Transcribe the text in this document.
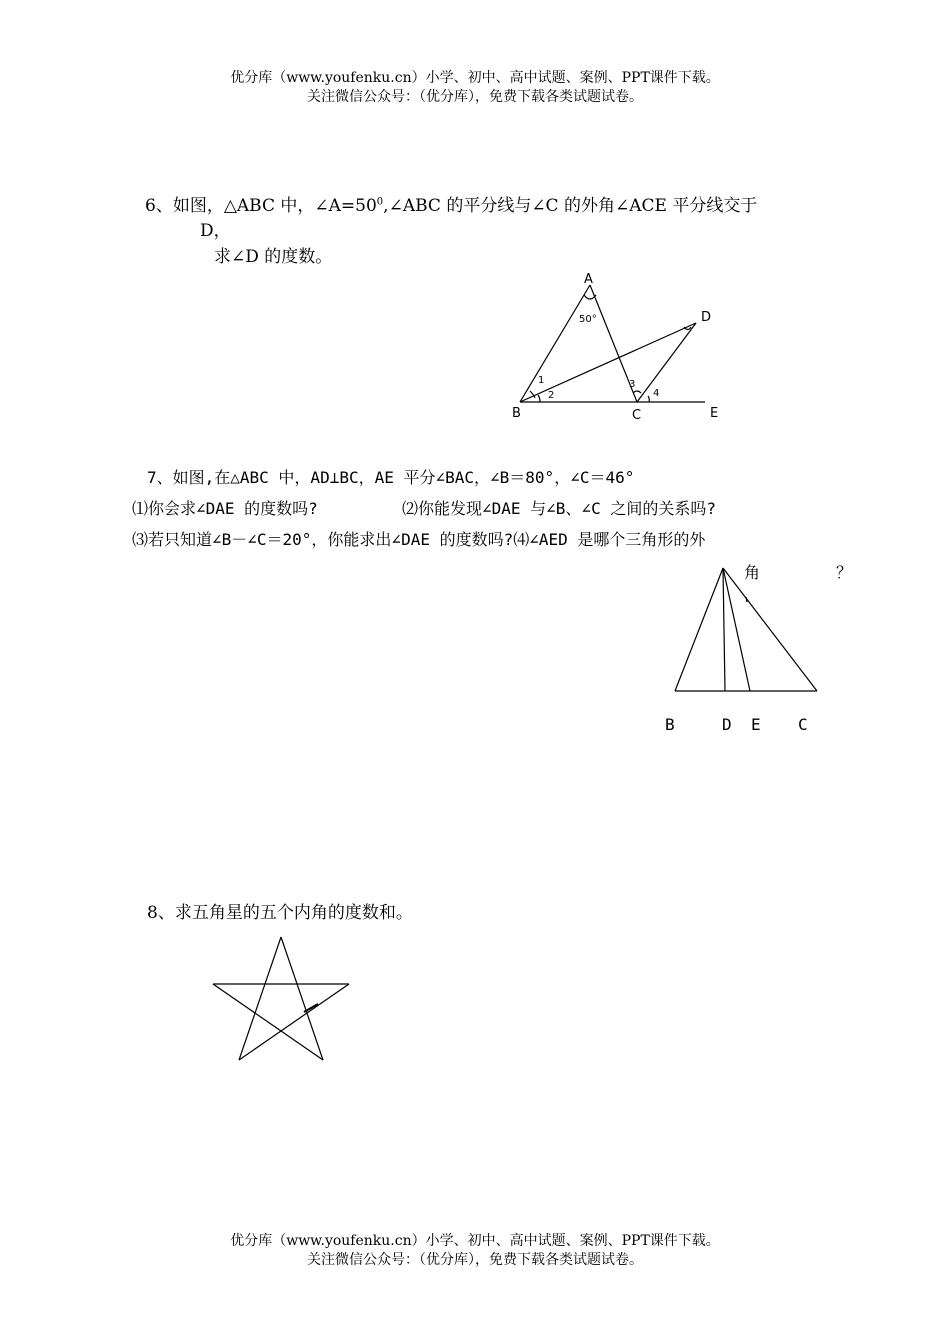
优分库（www.youfenku.cn）小学、初中、高中试题、案例、PPT课件下载。
关注微信公众号：（优分库），免费下载各类试题试卷。
6、如图，△ABC 中，$\angle A=50^0,\angle ABC$ 的平分线与∠C 的外角∠ACE 平分线交于
D，
求∠D 的度数。
A
B	C
D
E
50°
1
2
3
4
7、如图,在△ABC 中，AD⊥BC，AE 平分∠BAC，∠B＝80°，∠C＝46°
⑴你会求∠DAE 的度数吗?	⑵你能发现∠DAE 与∠B、∠C 之间的关系吗?
⑶若只知道∠B－∠C＝20°，你能求出∠DAE 的度数吗?⑷∠AED 是哪个三角形的外
角	？
B	D E C
8、求五角星的五个内角的度数和。
优分库（www.youfenku.cn）小学、初中、高中试题、案例、PPT课件下载。
关注微信公众号：（优分库），免费下载各类试题试卷。
